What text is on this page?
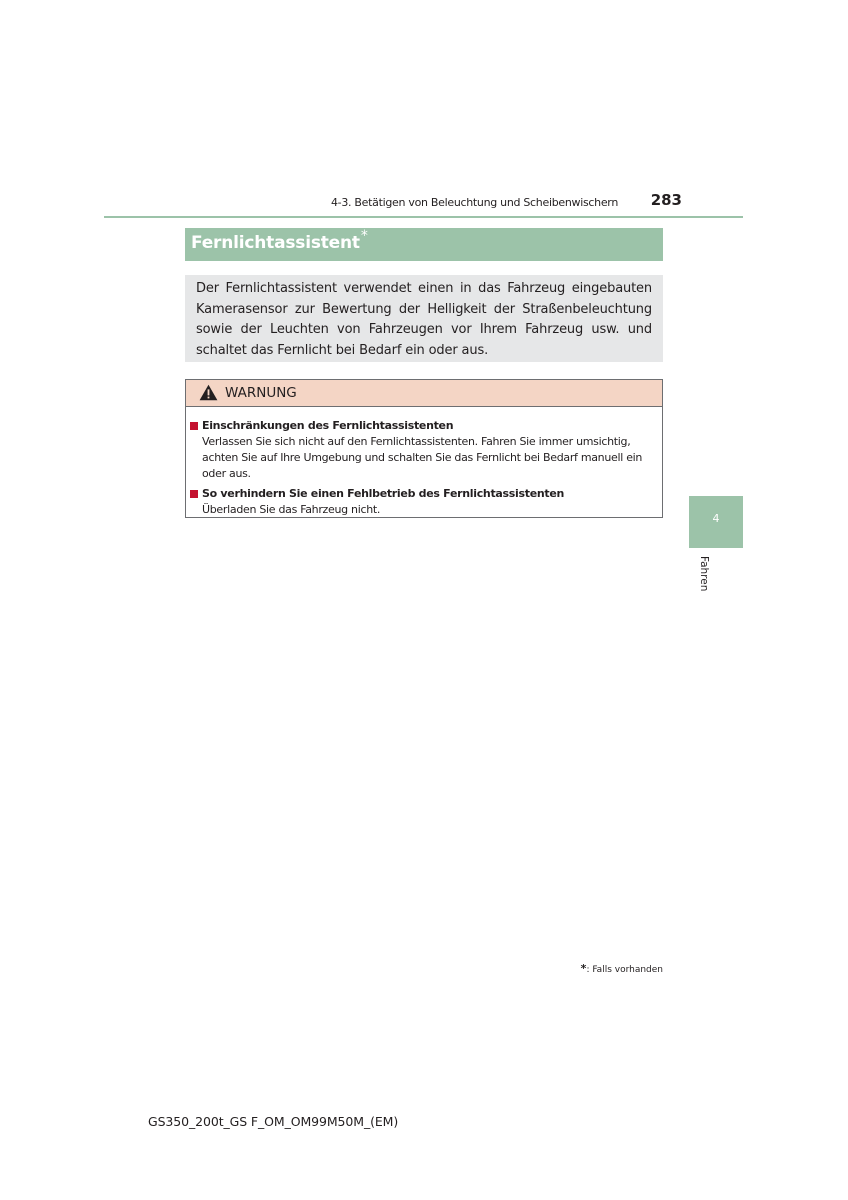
4-3. Betätigen von Beleuchtung und Scheibenwischern	283
Fernlichtassistent*
Der Fernlichtassistent verwendet einen in das Fahrzeug eingebauten Kamerasensor zur Bewertung der Helligkeit der Straßenbeleuchtung sowie der Leuchten von Fahrzeugen vor Ihrem Fahrzeug usw. und schaltet das Fernlicht bei Bedarf ein oder aus.
WARNUNG
Einschränkungen des Fernlichtassistenten
Verlassen Sie sich nicht auf den Fernlichtassistenten. Fahren Sie immer umsichtig, achten Sie auf Ihre Umgebung und schalten Sie das Fernlicht bei Bedarf manuell ein oder aus.
So verhindern Sie einen Fehlbetrieb des Fernlichtassistenten
Überladen Sie das Fahrzeug nicht.
4
Fahren
*: Falls vorhanden
GS350_200t_GS F_OM_OM99M50M_(EM)
